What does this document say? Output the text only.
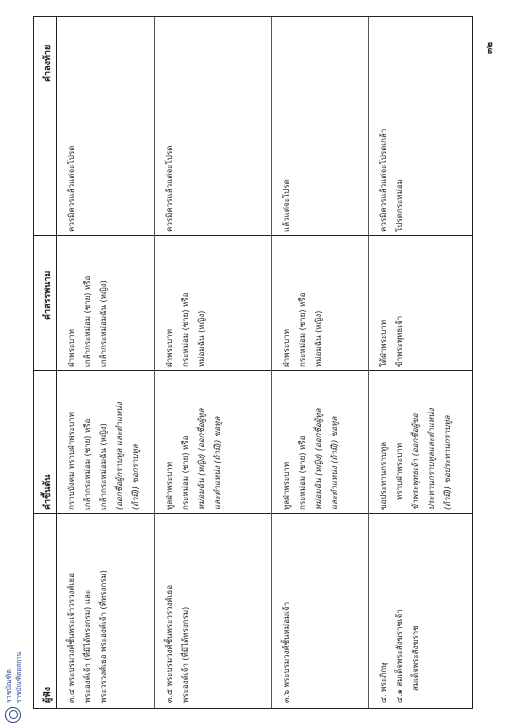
ราชบัณฑิต ราชบัณฑิตยสถาน	ผู้ฟัง
คำขึ้นต้น
คำสรรพนาม
คำลงท้าย
๓.๔ พระบรมวงศ์ชั้นพระเจ้าวรวงศ์เธอ พระองค์เจ้า (ที่มิได้ทรงกรม) และ พระวรวงศ์เธอ พระองค์เจ้า (ที่ทรงกรม)
กราบบังคม ทราบฝ่าพระบาท เกล้ากระหม่อม (ชาย) หรือ เกล้ากระหม่อมฉัน (หญิง) (ออกชื่อผู้กราบทูล และตำแหน่ง (ถ้ามี)) ขอกราบทูล
ฝ่าพระบาท เกล้ากระหม่อม (ชาย) หรือ เกล้ากระหม่อมฉัน (หญิง)
ควรมิควรแล้วแต่จะโปรด
๓.๕ พระบรมวงศ์ชั้นพระวรวงศ์เธอ พระองค์เจ้า (ที่มิได้ทรงกรม)
ทูลฝ่าพระบาท กระหม่อม (ชาย) หรือ หม่อมฉัน (หญิง) (ออกชื่อผู้ทูล และตำแหน่ง (ถ้ามี)) ขอทูล
ฝ่าพระบาท กระหม่อม (ชาย) หรือ หม่อมฉัน (หญิง)
ควรมิควรแล้วแต่จะโปรด
๓.๖ พระบรมวงศ์ชั้นหม่อมเจ้า
ทูลฝ่าพระบาท กระหม่อม (ชาย) หรือ หม่อมฉัน (หญิง) (ออกชื่อผู้ทูล และตำแหน่ง (ถ้ามี)) ขอทูล
ฝ่าพระบาท กระหม่อม (ชาย) หรือ หม่อมฉัน (หญิง)
แล้วแต่จะโปรด
๔. พระภิกษุ ๔.๑ สมเด็จพระสังฆราชเจ้า สมเด็จพระสังฆราช
ขอประทานกราบทูล ทราบฝ่าพระบาท ข้าพระพุทธเจ้า (ออกชื่อผู้ขอ ประทานกราบทูลและตำแหน่ง (ถ้ามี)) ขอประทานกราบทูล
ใต้ฝ่าพระบาท ข้าพระพุทธเจ้า
ควรมิควรแล้วแต่จะโปรดเกล้า โปรดกระหม่อม
๓๒
